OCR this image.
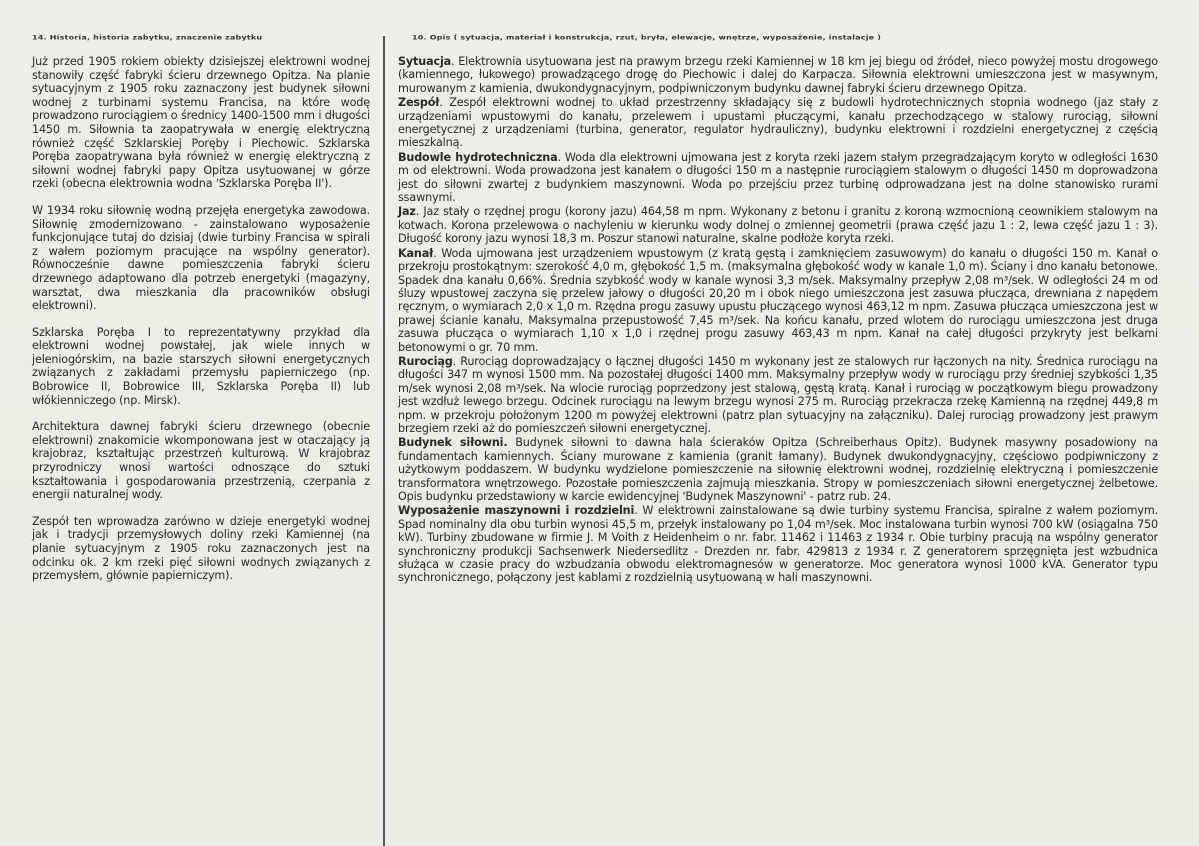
14. Historia, historia zabytku, znaczenie zabytku

Już przed 1905 rokiem obiekty dzisiejszej elektrowni wodnej stanowiły część fabryki ścieru drzewnego Opitza. Na planie sytuacyjnym z 1905 roku zaznaczony jest budynek siłowni wodnej z turbinami systemu Francisa, na które wodę prowadzono rurociągiem o średnicy 1400-1500 mm i długości 1450 m. Siłownia ta zaopatrywała w energię elektryczną również część Szklarskiej Poręby i Piechowic. Szklarska Poręba zaopatrywana była również w energię elektryczną z siłowni wodnej fabryki papy Opitza usytuowanej w górze rzeki (obecna elektrownia wodna 'Szklarska Poręba II').

W 1934 roku siłownię wodną przejęła energetyka zawodowa. Siłownię zmodernizowano - zainstalowano wyposażenie funkcjonujące tutaj do dzisiaj (dwie turbiny Francisa w spirali z wałem poziomym pracujące na wspólny generator). Równocześnie dawne pomieszczenia fabryki ścieru drzewnego adaptowano dla potrzeb energetyki (magazyny, warsztat, dwa mieszkania dla pracowników obsługi elektrowni).

Szklarska Poręba I to reprezentatywny przykład dla elektrowni wodnej powstałej, jak wiele innych w jeleniogórskim, na bazie starszych siłowni energetycznych związanych z zakładami przemysłu papierniczego (np. Bobrowice II, Bobrowice III, Szklarska Poręba II) lub włókienniczego (np. Mirsk).

Architektura dawnej fabryki ścieru drzewnego (obecnie elektrowni) znakomicie wkomponowana jest w otaczający ją krajobraz, kształtując przestrzeń kulturową. W krajobraz przyrodniczy wnosi wartości odnoszące do sztuki kształtowania i gospodarowania przestrzenią, czerpania z energii naturalnej wody.

Zespół ten wprowadza zarówno w dzieje energetyki wodnej jak i tradycji przemysłowych doliny rzeki Kamiennej (na planie sytuacyjnym z 1905 roku zaznaczonych jest na odcinku ok. 2 km rzeki pięć siłowni wodnych związanych z przemysłem, głównie papierniczym).

10. Opis ( sytuacja, materiał i konstrukcja, rzut, bryła, elewacje, wnętrze, wyposażenie, instalacje )

Sytuacja. Elektrownia usytuowana jest na prawym brzegu rzeki Kamiennej w 18 km jej biegu od źródeł, nieco powyżej mostu drogowego (kamiennego, łukowego) prowadzącego drogę do Piechowic i dalej do Karpacza. Siłownia elektrowni umieszczona jest w masywnym, murowanym z kamienia, dwukondygnacyjnym, podpiwniczonym budynku dawnej fabryki ścieru drzewnego Opitza.

Zespół. Zespół elektrowni wodnej to układ przestrzenny składający się z budowli hydrotechnicznych stopnia wodnego (jaz stały z urządzeniami wpustowymi do kanału, przelewem i upustami płuczącymi, kanału przechodzącego w stalowy rurociąg, siłowni energetycznej z urządzeniami (turbina, generator, regulator hydrauliczny), budynku elektrowni i rozdzielni energetycznej z częścią mieszkalną.

Budowle hydrotechniczna. Woda dla elektrowni ujmowana jest z koryta rzeki jazem stałym przegradzającym koryto w odległości 1630 m od elektrowni. Woda prowadzona jest kanałem o długości 150 m a następnie rurociągiem stalowym o długości 1450 m doprowadzona jest do siłowni zwartej z budynkiem maszynowni. Woda po przejściu przez turbinę odprowadzana jest na dolne stanowisko rurami ssawnymi.

Jaz. Jaz stały o rzędnej progu (korony jazu) 464,58 m npm. Wykonany z betonu i granitu z koroną wzmocnioną ceownikiem stalowym na kotwach. Korona przelewowa o nachyleniu w kierunku wody dolnej o zmiennej geometrii (prawa część jazu 1 : 2, lewa część jazu 1 : 3). Długość korony jazu wynosi 18,3 m. Poszur stanowi naturalne, skalne podłoże koryta rzeki.

Kanał. Woda ujmowana jest urządzeniem wpustowym (z kratą gęstą i zamknięciem zasuwowym) do kanału o długości 150 m. Kanał o przekroju prostokątnym: szerokość 4,0 m, głębokość 1,5 m. (maksymalna głębokość wody w kanale 1,0 m). Ściany i dno kanału betonowe. Spadek dna kanału 0,66%. Średnia szybkość wody w kanale wynosi 3,3 m/sek. Maksymalny przepływ 2,08 m³/sek. W odległości 24 m od śluzy wpustowej zaczyna się przelew jałowy o długości 20,20 m i obok niego umieszczona jest zasuwa płucząca, drewniana z napędem ręcznym, o wymiarach 2,0 x 1,0 m. Rzędna progu zasuwy upustu płuczącego wynosi 463,12 m npm. Zasuwa płucząca umieszczona jest w prawej ścianie kanału. Maksymalna przepustowość 7,45 m³/sek. Na końcu kanału, przed wlotem do rurociągu umieszczona jest druga zasuwa płucząca o wymiarach 1,10 x 1,0 i rzędnej progu zasuwy 463,43 m npm. Kanał na całej długości przykryty jest belkami betonowymi o gr. 70 mm.

Rurociąg. Rurociąg doprowadzający o łącznej długości 1450 m wykonany jest ze stalowych rur łączonych na nity. Średnica rurociągu na długości 347 m wynosi 1500 mm. Na pozostałej długości 1400 mm. Maksymalny przepływ wody w rurociągu przy średniej szybkości 1,35 m/sek wynosi 2,08 m³/sek. Na wlocie rurociąg poprzedzony jest stalową, gęstą kratą. Kanał i rurociąg w początkowym biegu prowadzony jest wzdłuż lewego brzegu. Odcinek rurociągu na lewym brzegu wynosi 275 m. Rurociąg przekracza rzekę Kamienną na rzędnej 449,8 m npm. w przekroju położonym 1200 m powyżej elektrowni (patrz plan sytuacyjny na załączniku). Dalej rurociąg prowadzony jest prawym brzegiem rzeki aż do pomieszczeń siłowni energetycznej.

Budynek siłowni. Budynek siłowni to dawna hala ścieraków Opitza (Schreiberhaus Opitz). Budynek masywny posadowiony na fundamentach kamiennych. Ściany murowane z kamienia (granit łamany). Budynek dwukondygnacyjny, częściowo podpiwniczony z użytkowym poddaszem. W budynku wydzielone pomieszczenie na siłownię elektrowni wodnej, rozdzielnię elektryczną i pomieszczenie transformatora wnętrzowego. Pozostałe pomieszczenia zajmują mieszkania. Stropy w pomieszczeniach siłowni energetycznej żelbetowe. Opis budynku przedstawiony w karcie ewidencyjnej 'Budynek Maszynowni' - patrz rub. 24.

Wyposażenie maszynowni i rozdzielni. W elektrowni zainstalowane są dwie turbiny systemu Francisa, spiralne z wałem poziomym. Spad nominalny dla obu turbin wynosi 45,5 m, przełyk instalowany po 1,04 m³/sek. Moc instalowana turbin wynosi 700 kW (osiągalna 750 kW). Turbiny zbudowane w firmie J. M Voith z Heidenheim o nr. fabr. 11462 i 11463 z 1934 r. Obie turbiny pracują na wspólny generator synchroniczny produkcji Sachsenwerk Niedersedlitz - Drezden nr. fabr. 429813 z 1934 r. Z generatorem sprzęgnięta jest wzbudnica służąca w czasie pracy do wzbudzania obwodu elektromagnesów w generatorze. Moc generatora wynosi 1000 kVA. Generator typu synchronicznego, połączony jest kablami z rozdzielnią usytuowaną w hali maszynowni.
